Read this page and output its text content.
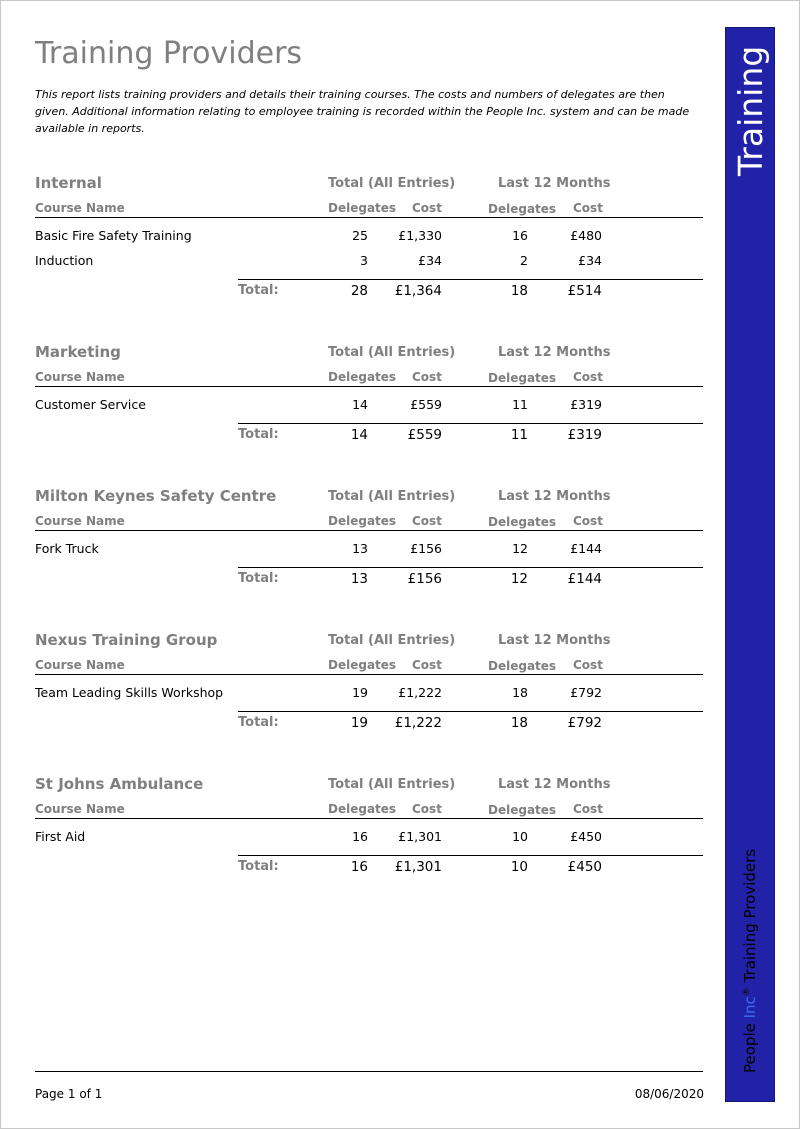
Training Providers
This report lists training providers and details their training courses. The costs and numbers of delegates are then given. Additional information relating to employee training is recorded within the People Inc. system and can be made available in reports.
Internal	Total (All Entries)	Last 12 Months
Course Name	Delegates Cost	Delegates Cost
Basic Fire Safety Training	25 £1,330	16	£480
Induction	3	£34	2	£34
Total:	28 £1,364	18	£514
Marketing	Total (All Entries)	Last 12 Months
Course Name	Delegates Cost	Delegates Cost
Customer Service	14	£559	11	£319
Total:	14	£559	11	£319
Milton Keynes Safety Centre	Total (All Entries)	Last 12 Months
Course Name	Delegates Cost	Delegates Cost
Fork Truck	13	£156	12	£144
Total:	13	£156	12	£144
Nexus Training Group	Total (All Entries)	Last 12 Months
Course Name	Delegates Cost	Delegates Cost
Team Leading Skills Workshop	19 £1,222	18	£792
Total:	19 £1,222	18	£792
St Johns Ambulance	Total (All Entries)	Last 12 Months
Course Name	Delegates Cost	Delegates Cost
First Aid	16 £1,301	10	£450
Total:	16 £1,301	10	£450
Training
People Inc® Training Providers
Page 1 of 1	08/06/2020
